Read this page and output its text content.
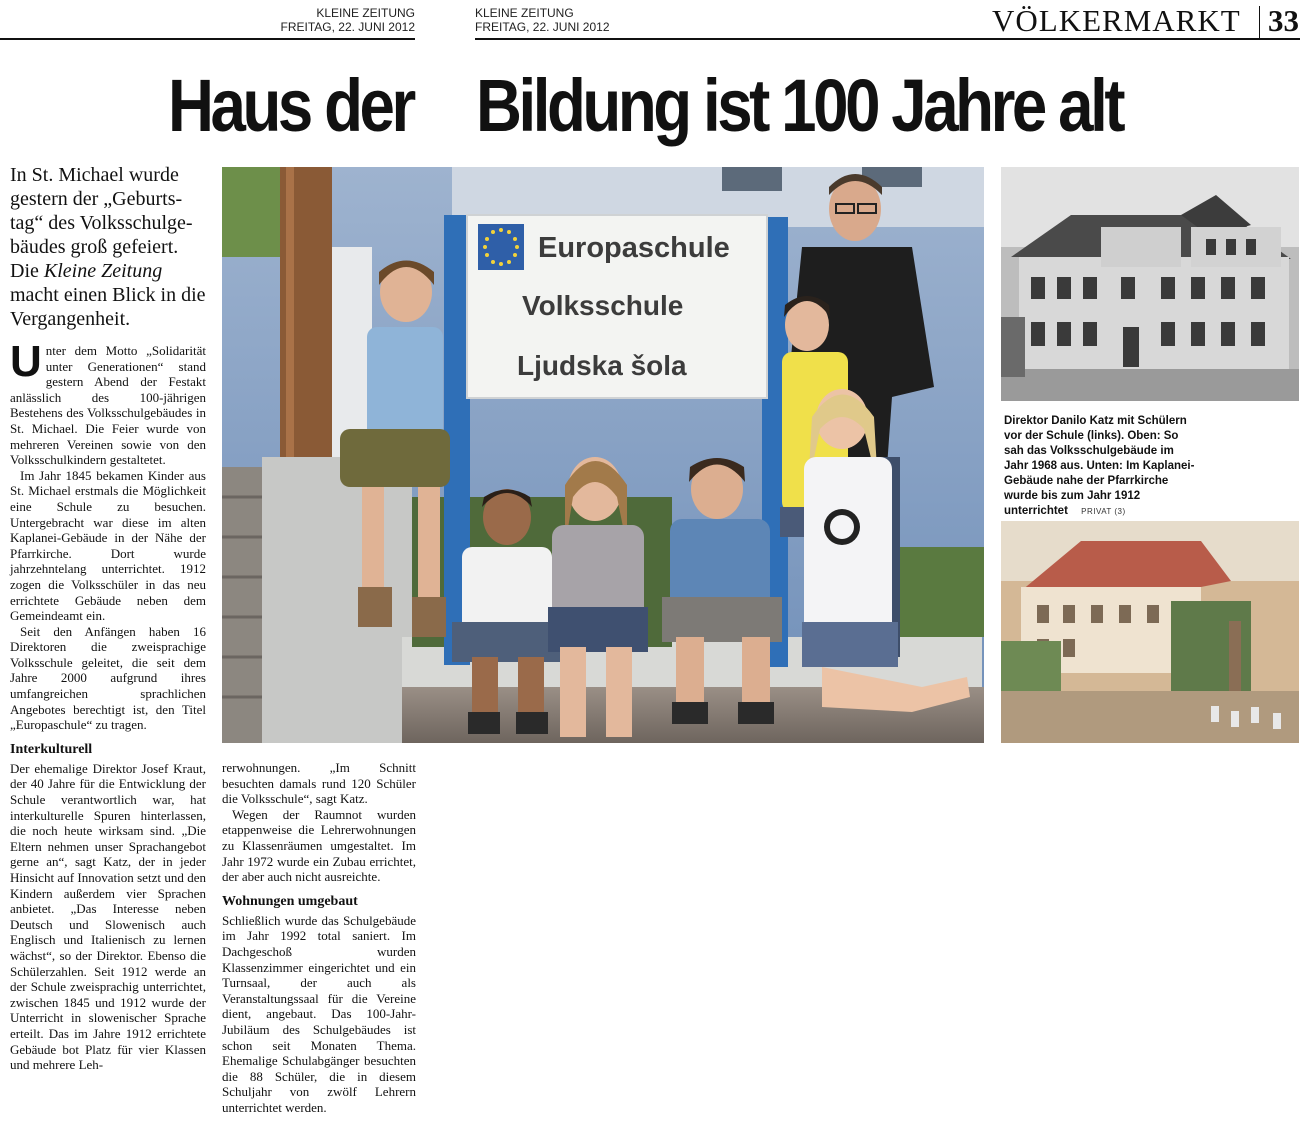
KLEINE ZEITUNG
FREITAG, 22. JUNI 2012
KLEINE ZEITUNG
FREITAG, 22. JUNI 2012	VÖLKERMARKT 33
Haus der Bildung ist 100 Jahre alt
In St. Michael wurde gestern der „Geburts-tag“ des Volksschulge-bäudes groß gefeiert. Die Kleine Zeitung macht einen Blick in die Vergangenheit.
Europaschule
Volksschule
Ljudska šola
Direktor Danilo Katz mit Schülern vor der Schule (links). Oben: So sah das Volksschulgebäude im Jahr 1968 aus. Unten: Im Kaplanei-Gebäude nahe der Pfarrkirche wurde bis zum Jahr 1912 unterrichtet PRIVAT (3)

Unter dem Motto „Solidarität unter Generationen“ stand gestern Abend der Festakt anlässlich des 100-jährigen Bestehens des Volksschulgebäudes in St. Michael. Die Feier wurde von mehreren Vereinen sowie von den Volksschulkindern gestaltetet.

Im Jahr 1845 bekamen Kinder aus St. Michael erstmals die Möglichkeit eine Schule zu besuchen. Untergebracht war diese im alten Kaplanei-Gebäude in der Nähe der Pfarrkirche. Dort wurde jahrzehntelang unterrichtet. 1912 zogen die Volksschüler in das neu errichtete Gebäude neben dem Gemeindeamt ein.

Seit den Anfängen haben 16 Direktoren die zweisprachige Volksschule geleitet, die seit dem Jahre 2000 aufgrund ihres umfangreichen sprachlichen Angebotes berechtigt ist, den Titel „Europaschule“ zu tragen.

Interkulturell

Der ehemalige Direktor Josef Kraut, der 40 Jahre für die Entwicklung der Schule verantwortlich war, hat interkulturelle Spuren hinterlassen, die noch heute wirksam sind. „Die Eltern nehmen unser Sprachangebot gerne an“, sagt Katz, der in jeder Hinsicht auf Innovation setzt und den Kindern außerdem vier Sprachen anbietet. „Das Interesse neben Deutsch und Slowenisch auch Englisch und Italienisch zu lernen wächst“, so der Direktor. Ebenso die Schülerzahlen. Seit 1912 werde an der Schule zweisprachig unterrichtet, zwischen 1845 und 1912 wurde der Unterricht in slowenischer Sprache erteilt. Das im Jahre 1912 errichtete Gebäude bot Platz für vier Klassen und mehrere Leh-

rerwohnungen. „Im Schnitt besuchten damals rund 120 Schüler die Volksschule“, sagt Katz.

Wegen der Raumnot wurden etappenweise die Lehrerwohnungen zu Klassenräumen umgestaltet. Im Jahr 1972 wurde ein Zubau errichtet, der aber auch nicht ausreichte.

Wohnungen umgebaut

Schließlich wurde das Schulgebäude im Jahr 1992 total saniert. Im Dachgeschoß wurden Klassenzimmer eingerichtet und ein Turnsaal, der auch als Veranstaltungssaal für die Vereine dient, angebaut. Das 100-Jahr-Jubiläum des Schulgebäudes ist schon seit Monaten Thema. Ehemalige Schulabgänger besuchten die 88 Schüler, die in diesem Schuljahr von zwölf Lehrern unterrichtet werden.
